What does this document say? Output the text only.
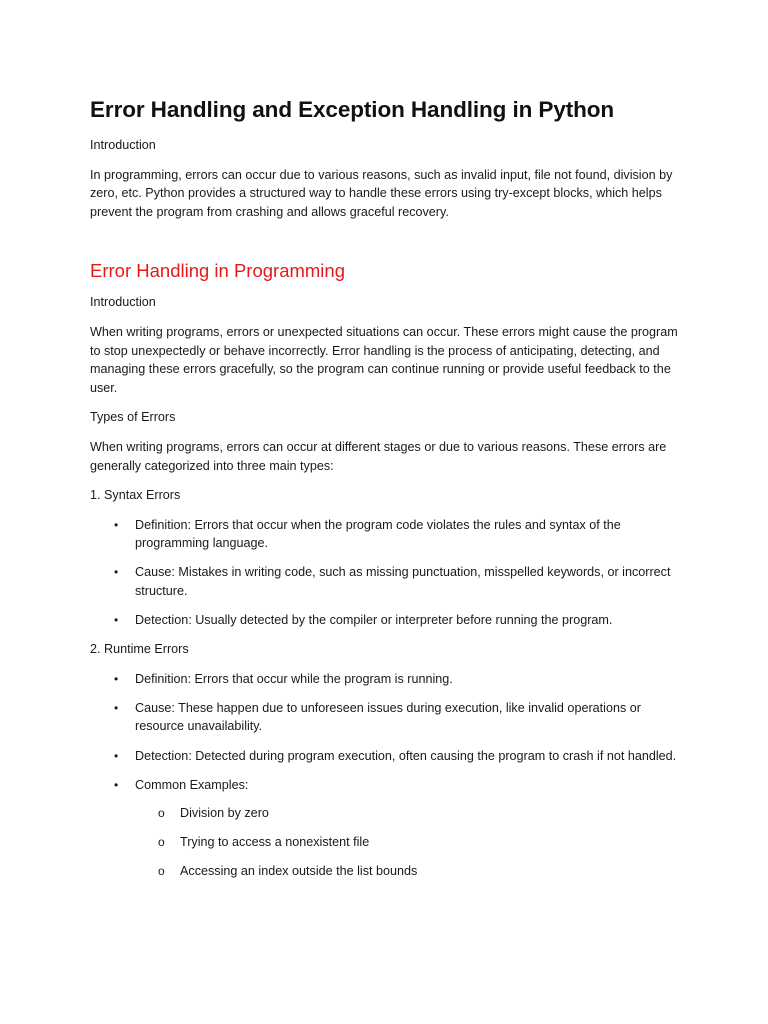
Error Handling and Exception Handling in Python

Introduction

In programming, errors can occur due to various reasons, such as invalid input, file not found, division by zero, etc. Python provides a structured way to handle these errors using try-except blocks, which helps prevent the program from crashing and allows graceful recovery.

Error Handling in Programming

Introduction

When writing programs, errors or unexpected situations can occur. These errors might cause the program to stop unexpectedly or behave incorrectly. Error handling is the process of anticipating, detecting, and managing these errors gracefully, so the program can continue running or provide useful feedback to the user.

Types of Errors

When writing programs, errors can occur at different stages or due to various reasons. These errors are generally categorized into three main types:

1. Syntax Errors

• Definition: Errors that occur when the program code violates the rules and syntax of the programming language.
• Cause: Mistakes in writing code, such as missing punctuation, misspelled keywords, or incorrect structure.
• Detection: Usually detected by the compiler or interpreter before running the program.

2. Runtime Errors

• Definition: Errors that occur while the program is running.
• Cause: These happen due to unforeseen issues during execution, like invalid operations or resource unavailability.
• Detection: Detected during program execution, often causing the program to crash if not handled.
• Common Examples:
o Division by zero
o Trying to access a nonexistent file
o Accessing an index outside the list bounds
